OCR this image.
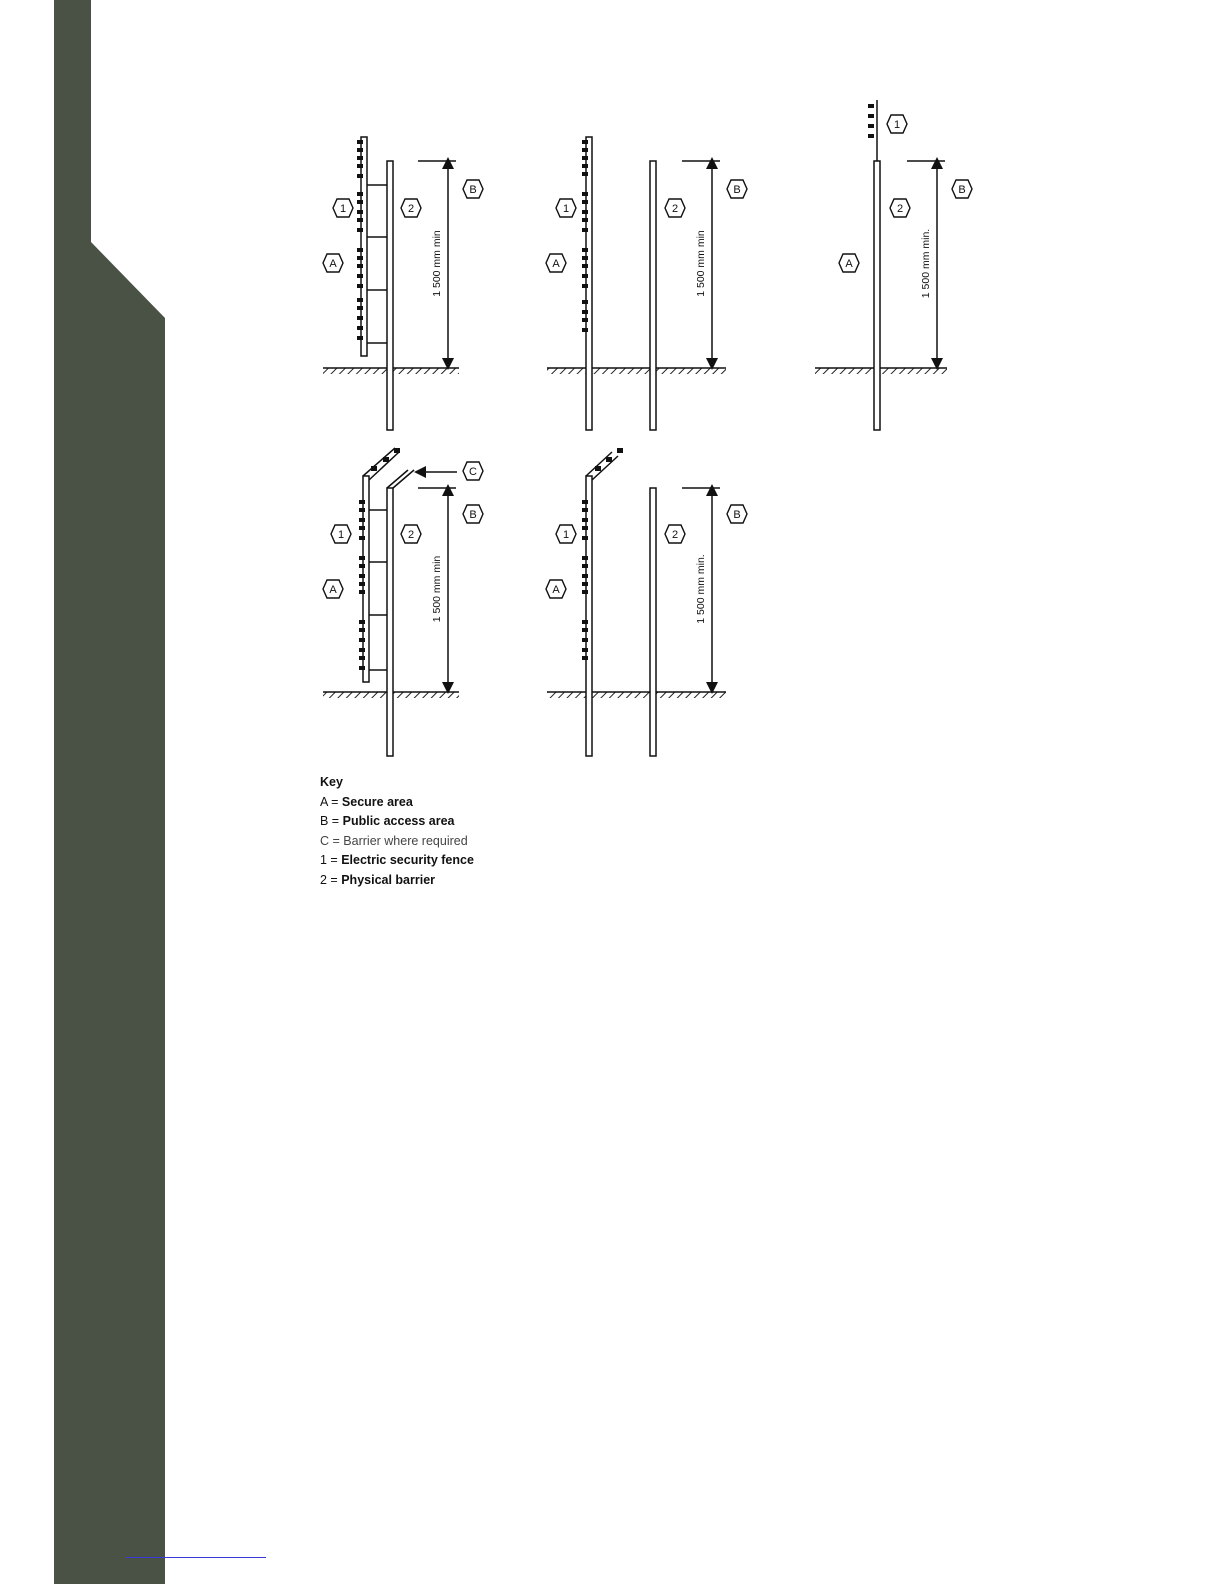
1 500 mm min
1	2
A
B
1 500 mm min
1	2
A
B
1 500 mm min.
1
2
A
B
1 500 mm min
1	2
A
B
C
1 500 mm min.
1	2
A
B
Key
A = Secure area
B = Public access area
C = Barrier where required
1 = Electric security fence
2 = Physical barrier
